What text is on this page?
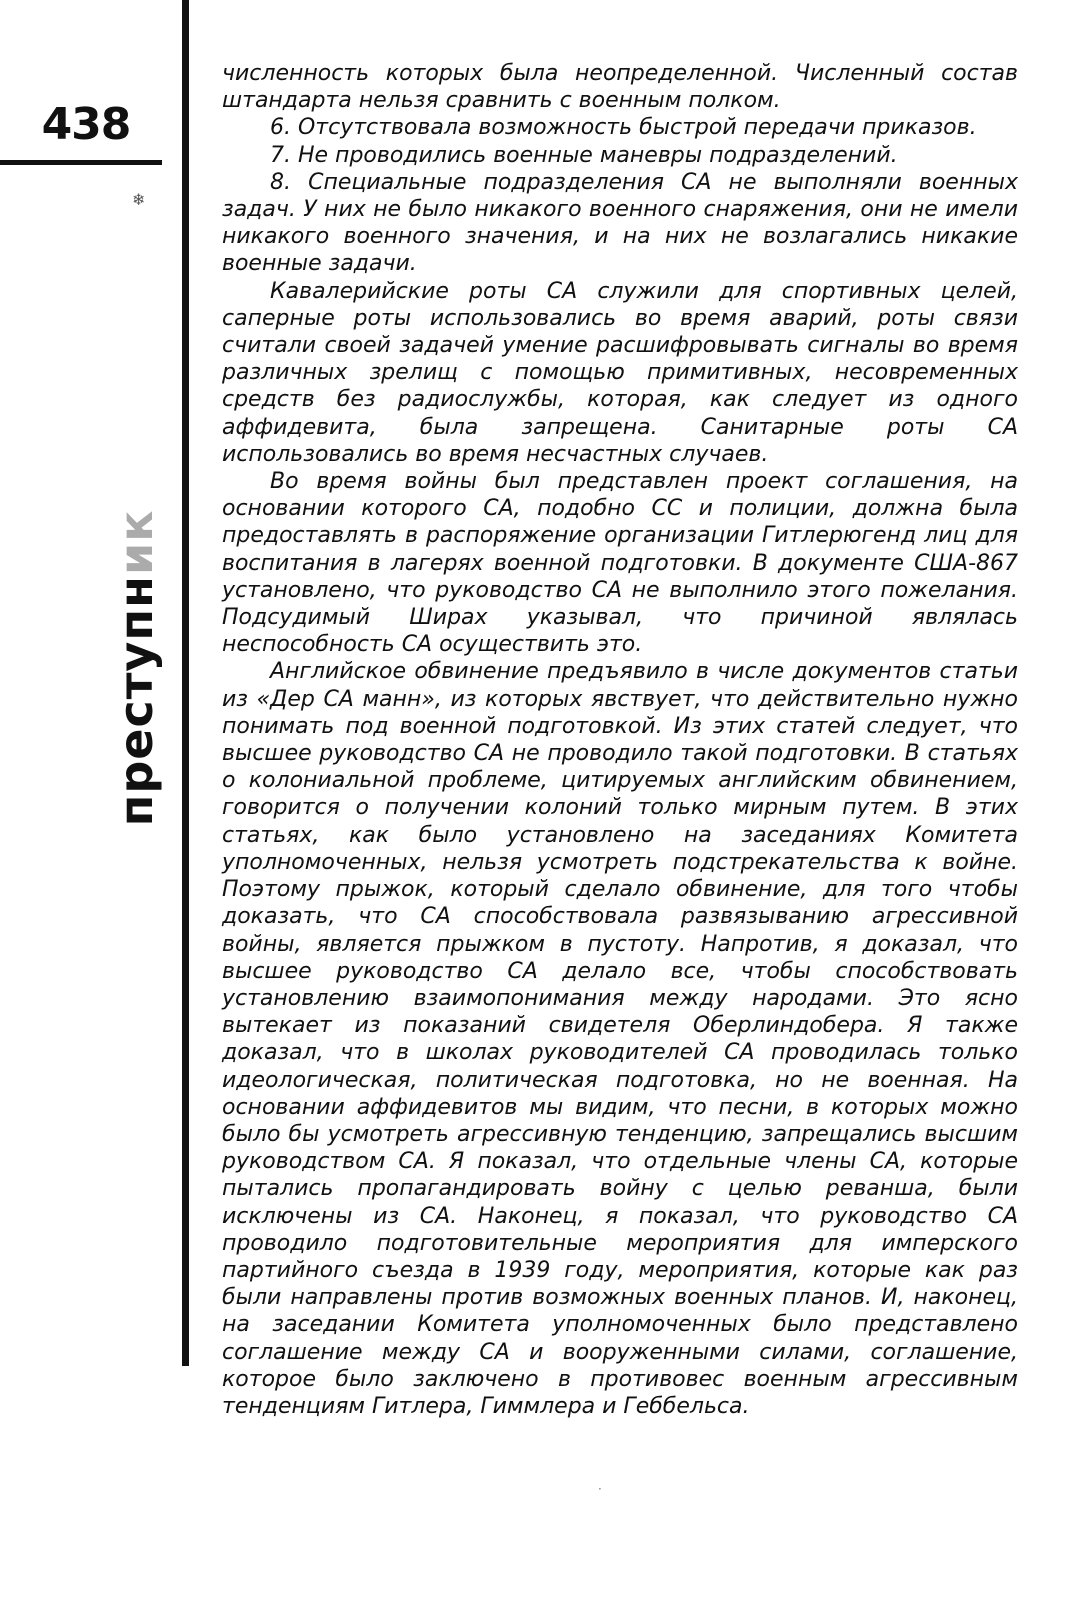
438
❄
преступник

численность которых была неопределенной. Численный состав штандарта нельзя сравнить с военным полком.

6. Отсутствовала возможность быстрой передачи приказов.

7. Не проводились военные маневры подразделений.

8. Специальные подразделения СА не выполняли военных задач. У них не было никакого военного снаряжения, они не имели никакого военного значения, и на них не возлагались никакие военные задачи.

Кавалерийские роты СА служили для спортивных целей, саперные роты использовались во время аварий, роты связи считали своей задачей умение расшифровывать сигналы во время различных зрелищ с помощью примитивных, несовременных средств без радиослужбы, которая, как следует из одного аффидевита, была запрещена. Санитарные роты СА использовались во время несчастных случаев.

Во время войны был представлен проект соглашения, на основании которого СА, подобно СС и полиции, должна была предоставлять в распоряжение организации Гитлерюгенд лиц для воспитания в лагерях военной подготовки. В документе США-867 установлено, что руководство СА не выполнило этого пожелания. Подсудимый Ширах указывал, что причиной являлась неспособность СА осуществить это.

Английское обвинение предъявило в числе документов статьи из «Дер СА манн», из которых явствует, что действительно нужно понимать под военной подготовкой. Из этих статей следует, что высшее руководство СА не проводило такой подготовки. В статьях о колониальной проблеме, цитируемых английским обвинением, говорится о получении колоний только мирным путем. В этих статьях, как было установлено на заседаниях Комитета уполномоченных, нельзя усмотреть подстрекательства к войне. Поэтому прыжок, который сделало обвинение, для того чтобы доказать, что СА способствовала развязыванию агрессивной войны, является прыжком в пустоту. Напротив, я доказал, что высшее руководство СА делало все, чтобы способствовать установлению взаимопонимания между народами. Это ясно вытекает из показаний свидетеля Оберлиндобера. Я также доказал, что в школах руководителей СА проводилась только идеологическая, политическая подготовка, но не военная. На основании аффидевитов мы видим, что песни, в которых можно было бы усмотреть агрессивную тенденцию, запрещались высшим руководством СА. Я показал, что отдельные члены СА, которые пытались пропагандировать войну с целью реванша, были исключены из СА. Наконец, я показал, что руководство СА проводило подготовительные мероприятия для имперского партийного съезда в 1939 году, мероприятия, которые как раз были направлены против возможных военных планов. И, наконец, на заседании Комитета уполномоченных было представлено соглашение между СА и вооруженными силами, соглашение, которое было заключено в противовес военным агрессивным тенденциям Гитлера, Гиммлера и Геббельса.

·
